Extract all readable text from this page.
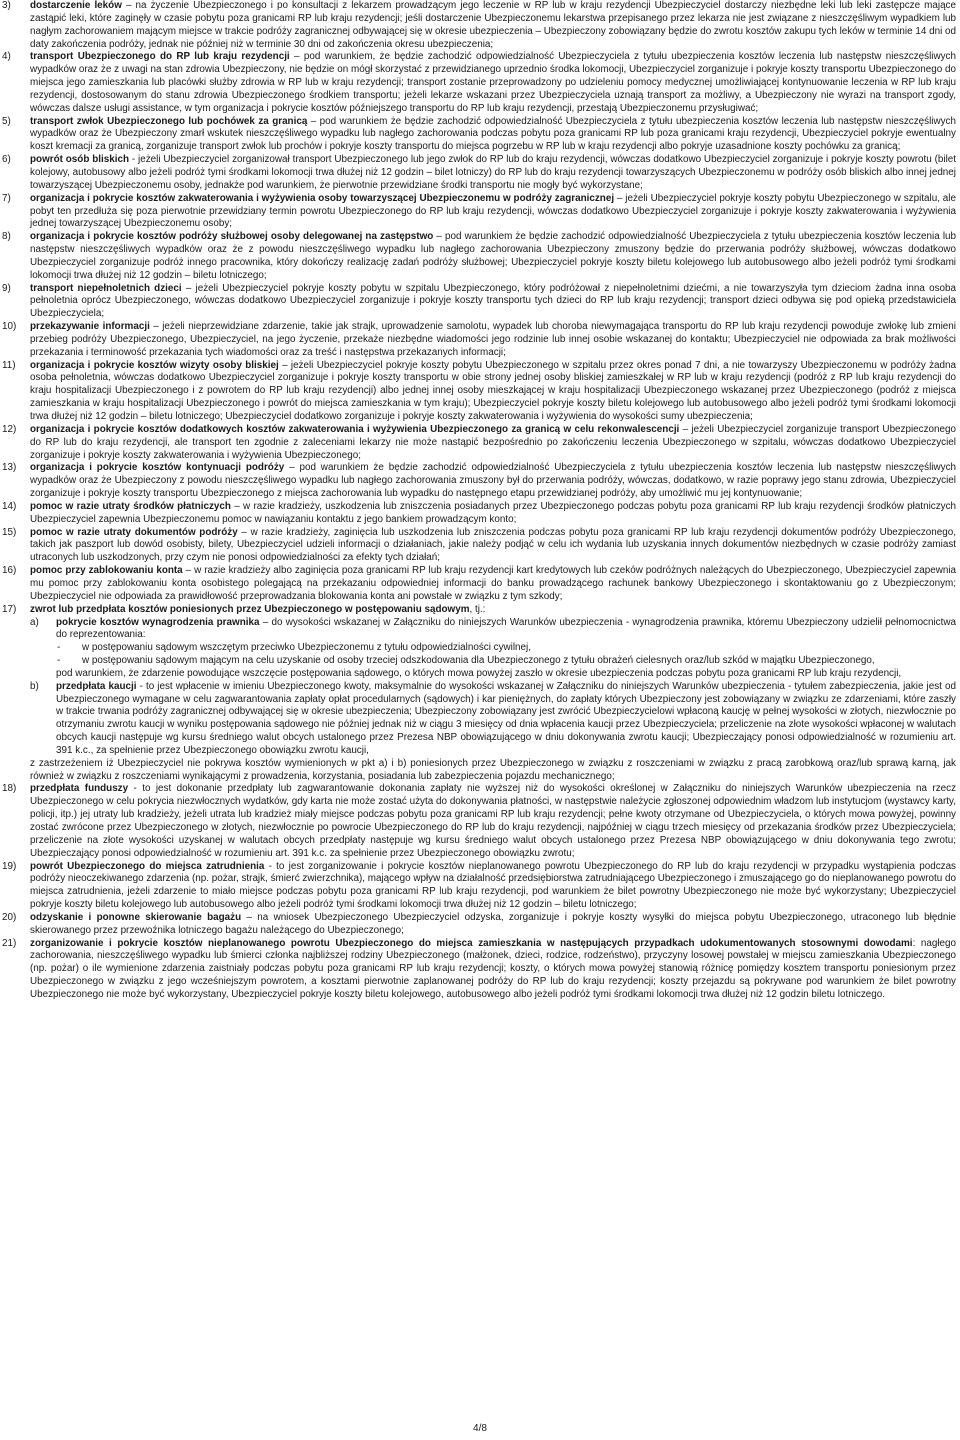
3)	dostarczenie leków – na życzenie Ubezpieczonego i po konsultacji z lekarzem prowadzącym jego leczenie w RP lub w kraju rezydencji Ubezpieczyciel dostarczy niezbędne leki lub leki zastępcze mające zastąpić leki, które zaginęły w czasie pobytu poza granicami RP lub kraju rezydencji; jeśli dostarczenie Ubezpieczonemu lekarstwa przepisanego przez lekarza nie jest związane z nieszczęśliwym wypadkiem lub nagłym zachorowaniem mającym miejsce w trakcie podróży zagranicznej odbywającej się w okresie ubezpieczenia – Ubezpieczony zobowiązany będzie do zwrotu kosztów zakupu tych leków w terminie 14 dni od daty zakończenia podróży, jednak nie później niż w terminie 30 dni od zakończenia okresu ubezpieczenia;
4)	transport Ubezpieczonego do RP lub kraju rezydencji – pod warunkiem, że będzie zachodzić odpowiedzialność Ubezpieczyciela z tytułu ubezpieczenia kosztów leczenia lub następstw nieszczęśliwych wypadków oraz że z uwagi na stan zdrowia Ubezpieczony, nie będzie on mógł skorzystać z przewidzianego uprzednio środka lokomocji, Ubezpieczyciel zorganizuje i pokryje koszty transportu Ubezpieczonego do miejsca jego zamieszkania lub placówki służby zdrowia w RP lub w kraju rezydencji; transport zostanie przeprowadzony po udzieleniu pomocy medycznej umożliwiającej kontynuowanie leczenia w RP lub kraju rezydencji, dostosowanym do stanu zdrowia Ubezpieczonego środkiem transportu; jeżeli lekarze wskazani przez Ubezpieczyciela uznają transport za możliwy, a Ubezpieczony nie wyrazi na transport zgody, wówczas dalsze usługi assistance, w tym organizacja i pokrycie kosztów późniejszego transportu do RP lub kraju rezydencji, przestają Ubezpieczonemu przysługiwać;
5)	transport zwłok Ubezpieczonego lub pochówek za granicą – pod warunkiem że będzie zachodzić odpowiedzialność Ubezpieczyciela z tytułu ubezpieczenia kosztów leczenia lub następstw nieszczęśliwych wypadków oraz że Ubezpieczony zmarł wskutek nieszczęśliwego wypadku lub nagłego zachorowania podczas pobytu poza granicami RP lub poza granicami kraju rezydencji, Ubezpieczyciel pokryje ewentualny koszt kremacji za granicą, zorganizuje transport zwłok lub prochów i pokryje koszty transportu do miejsca pogrzebu w RP lub w kraju rezydencji albo pokryje uzasadnione koszty pochówku za granicą;
6)	powrót osób bliskich - jeżeli Ubezpieczyciel zorganizował transport Ubezpieczonego lub jego zwłok do RP lub do kraju rezydencji, wówczas dodatkowo Ubezpieczyciel zorganizuje i pokryje koszty powrotu (bilet kolejowy, autobusowy albo jeżeli podróż tymi środkami lokomocji trwa dłużej niż 12 godzin – bilet lotniczy) do RP lub do kraju rezydencji towarzyszących Ubezpieczonemu w podróży osób bliskich albo innej jednej towarzyszącej Ubezpieczonemu osoby, jednakże pod warunkiem, że pierwotnie przewidziane środki transportu nie mogły być wykorzystane;
7)	organizacja i pokrycie kosztów zakwaterowania i wyżywienia osoby towarzyszącej Ubezpieczonemu w podróży zagranicznej – jeżeli Ubezpieczyciel pokryje koszty pobytu Ubezpieczonego w szpitalu, ale pobyt ten przedłuża się poza pierwotnie przewidziany termin powrotu Ubezpieczonego do RP lub kraju rezydencji, wówczas dodatkowo Ubezpieczyciel zorganizuje i pokryje koszty zakwaterowania i wyżywienia jednej towarzyszącej Ubezpieczonemu osoby;
8)	organizacja i pokrycie kosztów podróży służbowej osoby delegowanej na zastępstwo – pod warunkiem że będzie zachodzić odpowiedzialność Ubezpieczyciela z tytułu ubezpieczenia kosztów leczenia lub następstw nieszczęśliwych wypadków oraz że z powodu nieszczęśliwego wypadku lub nagłego zachorowania Ubezpieczony zmuszony będzie do przerwania podróży służbowej, wówczas dodatkowo Ubezpieczyciel zorganizuje podróż innego pracownika, który dokończy realizację zadań podróży służbowej; Ubezpieczyciel pokryje koszty biletu kolejowego lub autobusowego albo jeżeli podróż tymi środkami lokomocji trwa dłużej niż 12 godzin – biletu lotniczego;
9)	transport niepełnoletnich dzieci – jeżeli Ubezpieczyciel pokryje koszty pobytu w szpitalu Ubezpieczonego, który podróżował z niepełnoletnimi dziećmi, a nie towarzyszyła tym dzieciom żadna inna osoba pełnoletnia oprócz Ubezpieczonego, wówczas dodatkowo Ubezpieczyciel zorganizuje i pokryje koszty transportu tych dzieci do RP lub kraju rezydencji; transport dzieci odbywa się pod opieką przedstawiciela Ubezpieczyciela;
10)	przekazywanie informacji – jeżeli nieprzewidziane zdarzenie, takie jak strajk, uprowadzenie samolotu, wypadek lub choroba niewymagająca transportu do RP lub kraju rezydencji powoduje zwłokę lub zmieni przebieg podróży Ubezpieczonego, Ubezpieczyciel, na jego życzenie, przekaże niezbędne wiadomości jego rodzinie lub innej osobie wskazanej do kontaktu; Ubezpieczyciel nie odpowiada za brak możliwości przekazania i terminowość przekazania tych wiadomości oraz za treść i następstwa przekazanych informacji;
11)	organizacja i pokrycie kosztów wizyty osoby bliskiej – jeżeli Ubezpieczyciel pokryje koszty pobytu Ubezpieczonego w szpitalu przez okres ponad 7 dni, a nie towarzyszy Ubezpieczonemu w podróży żadna osoba pełnoletnia, wówczas dodatkowo Ubezpieczyciel zorganizuje i pokryje koszty transportu w obie strony jednej osoby bliskiej zamieszkałej w RP lub w kraju rezydencji (podróż z RP lub kraju rezydencji do kraju hospitalizacji Ubezpieczonego i z powrotem do RP lub kraju rezydencji) albo jednej innej osoby mieszkającej w kraju hospitalizacji Ubezpieczonego wskazanej przez Ubezpieczonego (podróż z miejsca zamieszkania w kraju hospitalizacji Ubezpieczonego i powrót do miejsca zamieszkania w tym kraju); Ubezpieczyciel pokryje koszty biletu kolejowego lub autobusowego albo jeżeli podróż tymi środkami lokomocji trwa dłużej niż 12 godzin – biletu lotniczego; Ubezpieczyciel dodatkowo zorganizuje i pokryje koszty zakwaterowania i wyżywienia do wysokości sumy ubezpieczenia;
12)	organizacja i pokrycie kosztów dodatkowych kosztów zakwaterowania i wyżywienia Ubezpieczonego za granicą w celu rekonwalescencji – jeżeli Ubezpieczyciel zorganizuje transport Ubezpieczonego do RP lub do kraju rezydencji, ale transport ten zgodnie z zaleceniami lekarzy nie może nastąpić bezpośrednio po zakończeniu leczenia Ubezpieczonego w szpitalu, wówczas dodatkowo Ubezpieczyciel zorganizuje i pokryje koszty zakwaterowania i wyżywienia Ubezpieczonego;
13)	organizacja i pokrycie kosztów kontynuacji podróży – pod warunkiem że będzie zachodzić odpowiedzialność Ubezpieczyciela z tytułu ubezpieczenia kosztów leczenia lub następstw nieszczęśliwych wypadków oraz że Ubezpieczony z powodu nieszczęśliwego wypadku lub nagłego zachorowania zmuszony był do przerwania podróży, wówczas, dodatkowo, w razie poprawy jego stanu zdrowia, Ubezpieczyciel zorganizuje i pokryje koszty transportu Ubezpieczonego z miejsca zachorowania lub wypadku do następnego etapu przewidzianej podróży, aby umożliwić mu jej kontynuowanie;
14)	pomoc w razie utraty środków płatniczych – w razie kradzieży, uszkodzenia lub zniszczenia posiadanych przez Ubezpieczonego podczas pobytu poza granicami RP lub kraju rezydencji środków płatniczych Ubezpieczyciel zapewnia Ubezpieczonemu pomoc w nawiązaniu kontaktu z jego bankiem prowadzącym konto;
15)	pomoc w razie utraty dokumentów podróży – w razie kradzieży, zaginięcia lub uszkodzenia lub zniszczenia podczas pobytu poza granicami RP lub kraju rezydencji dokumentów podróży Ubezpieczonego, takich jak paszport lub dowód osobisty, bilety, Ubezpieczyciel udzieli informacji o działaniach, jakie należy podjąć w celu ich wydania lub uzyskania innych dokumentów niezbędnych w czasie podróży zamiast utraconych lub uszkodzonych, przy czym nie ponosi odpowiedzialności za efekty tych działań;
16)	pomoc przy zablokowaniu konta – w razie kradzieży albo zaginięcia poza granicami RP lub kraju rezydencji kart kredytowych lub czeków podróżnych należących do Ubezpieczonego, Ubezpieczyciel zapewnia mu pomoc przy zablokowaniu konta osobistego polegającą na przekazaniu odpowiedniej informacji do banku prowadzącego rachunek bankowy Ubezpieczonego i skontaktowaniu go z Ubezpieczonym; Ubezpieczyciel nie odpowiada za prawidłowość przeprowadzania blokowania konta ani powstałe w związku z tym szkody;
17)	zwrot lub przedpłata kosztów poniesionych przez Ubezpieczonego w postępowaniu sądowym, tj.:
a) pokrycie kosztów wynagrodzenia prawnika – do wysokości wskazanej w Załączniku do niniejszych Warunków ubezpieczenia - wynagrodzenia prawnika, któremu Ubezpieczony udzielił pełnomocnictwa do reprezentowania:
- w postępowaniu sądowym wszczętym przeciwko Ubezpieczonemu z tytułu odpowiedzialności cywilnej,
- w postępowaniu sądowym mającym na celu uzyskanie od osoby trzeciej odszkodowania dla Ubezpieczonego z tytułu obrażeń cielesnych oraz/lub szkód w majątku Ubezpieczonego,
pod warunkiem, że zdarzenie powodujące wszczęcie postępowania sądowego, o których mowa powyżej zaszło w okresie ubezpieczenia podczas pobytu poza granicami RP lub kraju rezydencji,
b) przedpłata kaucji - to jest wpłacenie w imieniu Ubezpieczonego kwoty, maksymalnie do wysokości wskazanej w Załączniku do niniejszych Warunków ubezpieczenia - tytułem zabezpieczenia, jakie jest od Ubezpieczonego wymagane w celu zagwarantowania zapłaty opłat procedularnych (sądowych) i kar pieniężnych, do zapłaty których Ubezpieczony jest zobowiązany w związku ze zdarzeniami, które zaszły w trakcie trwania podróży zagranicznej odbywającej się w okresie ubezpieczenia; Ubezpieczony zobowiązany jest zwrócić Ubezpieczycielowi wpłaconą kaucję w pełnej wysokości w złotych, niezwłocznie po otrzymaniu zwrotu kaucji w wyniku postępowania sądowego nie później jednak niż w ciągu 3 miesięcy od dnia wpłacenia kaucji przez Ubezpieczyciela; przeliczenie na złote wysokości wpłaconej w walutach obcych kaucji następuje wg kursu średniego walut obcych ustalonego przez Prezesa NBP obowiązującego w dniu dokonywania zwrotu kaucji; Ubezpieczający ponosi odpowiedzialność w rozumieniu art. 391 k.c., za spełnienie przez Ubezpieczonego obowiązku zwrotu kaucji,
z zastrzeżeniem iż Ubezpieczyciel nie pokrywa kosztów wymienionych w pkt a) i b) poniesionych przez Ubezpieczonego w związku z roszczeniami w związku z pracą zarobkową oraz/lub sprawą karną, jak również w związku z roszczeniami wynikającymi z prowadzenia, korzystania, posiadania lub zabezpieczenia pojazdu mechanicznego;
18)	przedpłata funduszy - to jest dokonanie przedpłaty lub zagwarantowanie dokonania zapłaty nie wyższej niż do wysokości określonej w Załączniku do niniejszych Warunków ubezpieczenia na rzecz Ubezpieczonego w celu pokrycia niezwłocznych wydatków, gdy karta nie może zostać użyta do dokonywania płatności, w następstwie należycie zgłoszonej odpowiednim władzom lub instytucjom (wystawcy karty, policji, itp.) jej utraty lub kradzieży, jeżeli utrata lub kradzież miały miejsce podczas pobytu poza granicami RP lub kraju rezydencji; pełne kwoty otrzymane od Ubezpieczyciela, o których mowa powyżej, powinny zostać zwrócone przez Ubezpieczonego w złotych, niezwłocznie po powrocie Ubezpieczonego do RP lub do kraju rezydencji, najpóźniej w ciągu trzech miesięcy od przekazania środków przez Ubezpieczyciela; przeliczenie na złote wysokości uzyskanej w walutach obcych przedpłaty następuje wg kursu średniego walut obcych ustalonego przez Prezesa NBP obowiązującego w dniu dokonywania tego zwrotu; Ubezpieczający ponosi odpowiedzialność w rozumieniu art. 391 k.c. za spełnienie przez Ubezpieczonego obowiązku zwrotu;
19)	powrót Ubezpieczonego do miejsca zatrudnienia - to jest zorganizowanie i pokrycie kosztów nieplanowanego powrotu Ubezpieczonego do RP lub do kraju rezydencji w przypadku wystąpienia podczas podróży nieoczekiwanego zdarzenia (np. pożar, strajk, śmierć zwierzchnika), mającego wpływ na działalność przedsiębiorstwa zatrudniającego Ubezpieczonego i zmuszającego go do nieplanowanego powrotu do miejsca zatrudnienia, jeżeli zdarzenie to miało miejsce podczas pobytu poza granicami RP lub kraju rezydencji, pod warunkiem że bilet powrotny Ubezpieczonego nie może być wykorzystany; Ubezpieczyciel pokryje koszty biletu kolejowego lub autobusowego albo jeżeli podróż tymi środkami lokomocji trwa dłużej niż 12 godzin – biletu lotniczego;
20)	odzyskanie i ponowne skierowanie bagażu – na wniosek Ubezpieczonego Ubezpieczyciel odzyska, zorganizuje i pokryje koszty wysyłki do miejsca pobytu Ubezpieczonego, utraconego lub błędnie skierowanego przez przewoźnika lotniczego bagażu należącego do Ubezpieczonego;
21)	zorganizowanie i pokrycie kosztów nieplanowanego powrotu Ubezpieczonego do miejsca zamieszkania w następujących przypadkach udokumentowanych stosownymi dowodami: nagłego zachorowania, nieszczęśliwego wypadku lub śmierci członka najbliższej rodziny Ubezpieczonego (małżonek, dzieci, rodzice, rodzeństwo), przyczyny losowej powstałej w miejscu zamieszkania Ubezpieczonego (np. pożar) o ile wymienione zdarzenia zaistniały podczas pobytu poza granicami RP lub kraju rezydencji; koszty, o których mowa powyżej stanowią różnicę pomiędzy kosztem transportu poniesionym przez Ubezpieczonego w związku z jego wcześniejszym powrotem, a kosztami pierwotnie zaplanowanej podróży do RP lub do kraju rezydencji; koszty przejazdu są pokrywane pod warunkiem że bilet powrotny Ubezpieczonego nie może być wykorzystany, Ubezpieczyciel pokryje koszty biletu kolejowego, autobusowego albo jeżeli podróż tymi środkami lokomocji trwa dłużej niż 12 godzin biletu lotniczego.
4/8
